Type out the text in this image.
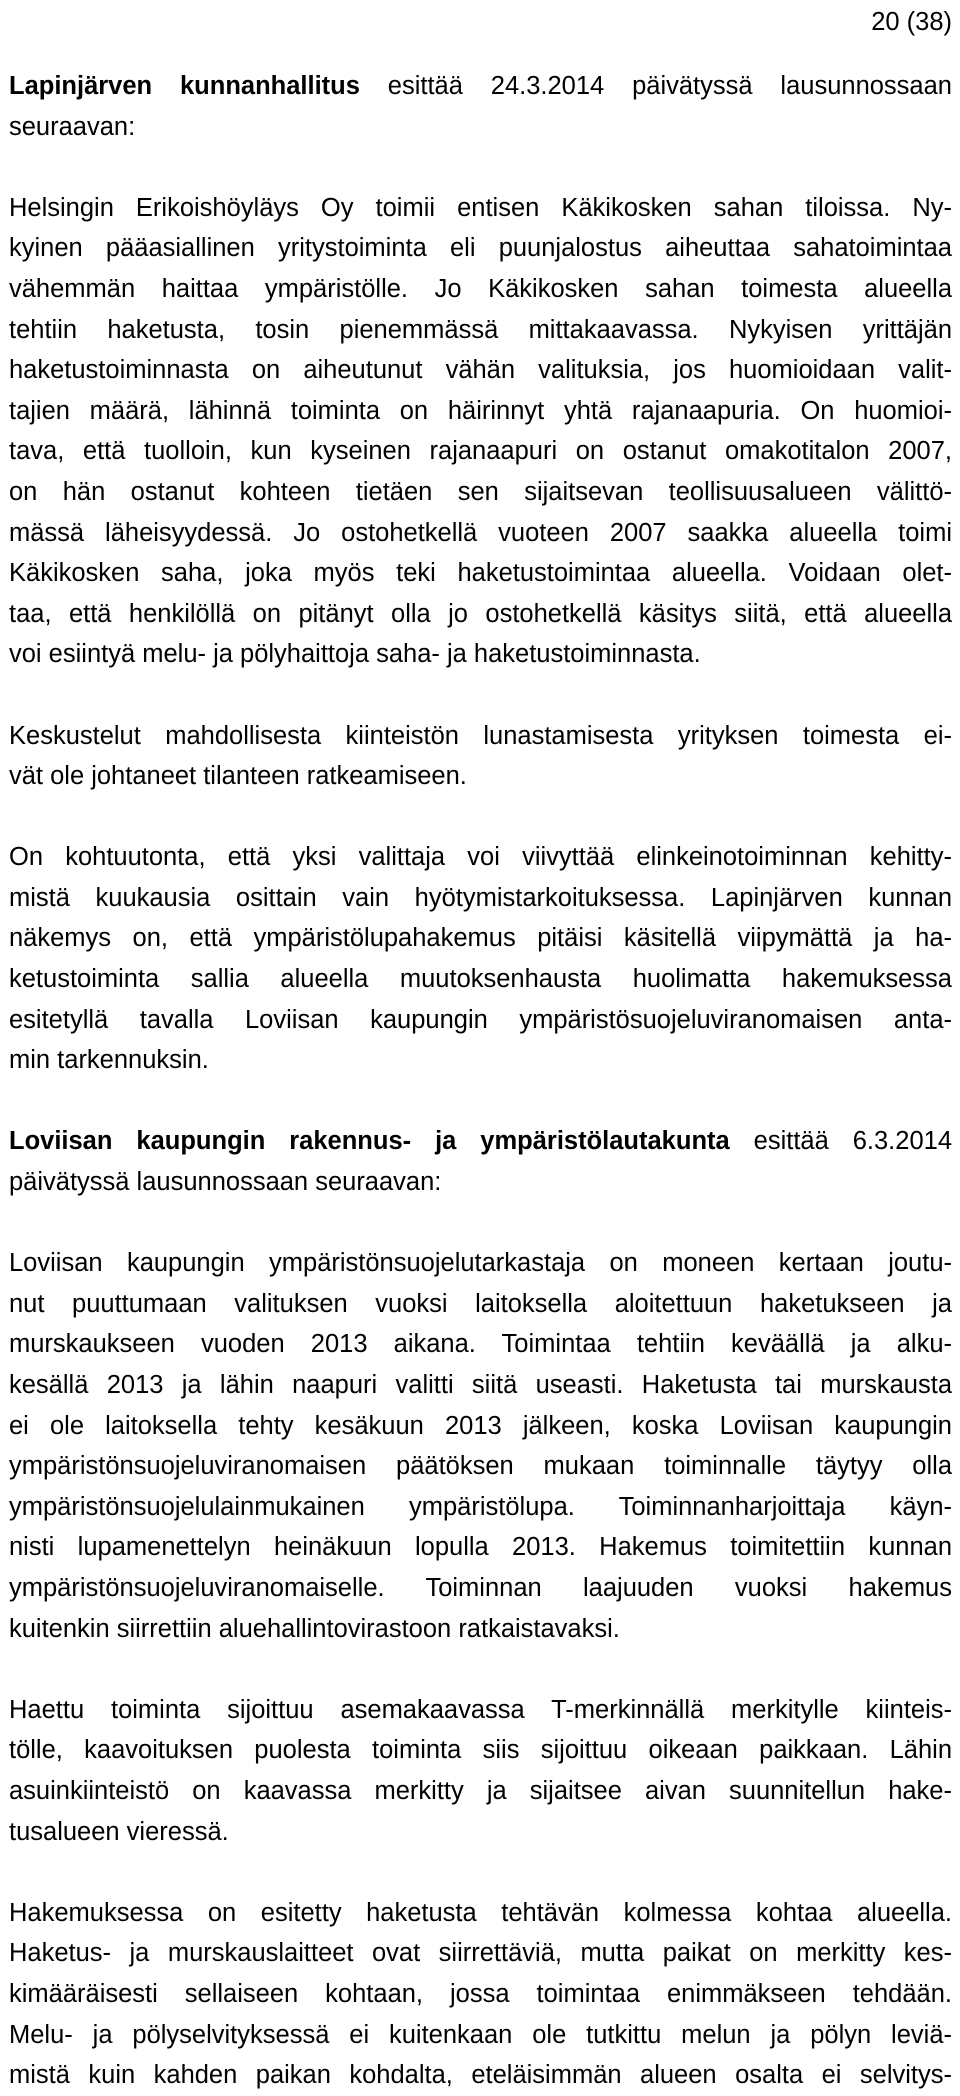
20 (38)

Lapinjärven kunnanhallitus esittää 24.3.2014 päivätyssä lausunnossaan
seuraavan:

Helsingin Erikoishöyläys Oy toimii entisen Käkikosken sahan tiloissa. Ny-
kyinen pääasiallinen yritystoiminta eli puunjalostus aiheuttaa sahatoimintaa
vähemmän haittaa ympäristölle. Jo Käkikosken sahan toimesta alueella
tehtiin haketusta, tosin pienemmässä mittakaavassa. Nykyisen yrittäjän
haketustoiminnasta on aiheutunut vähän valituksia, jos huomioidaan valit-
tajien määrä, lähinnä toiminta on häirinnyt yhtä rajanaapuria. On huomioi-
tava, että tuolloin, kun kyseinen rajanaapuri on ostanut omakotitalon 2007,
on hän ostanut kohteen tietäen sen sijaitsevan teollisuusalueen välittö-
mässä läheisyydessä. Jo ostohetkellä vuoteen 2007 saakka alueella toimi
Käkikosken saha, joka myös teki haketustoimintaa alueella. Voidaan olet-
taa, että henkilöllä on pitänyt olla jo ostohetkellä käsitys siitä, että alueella
voi esiintyä melu- ja pölyhaittoja saha- ja haketustoiminnasta.

Keskustelut mahdollisesta kiinteistön lunastamisesta yrityksen toimesta ei-
vät ole johtaneet tilanteen ratkeamiseen.

On kohtuutonta, että yksi valittaja voi viivyttää elinkeinotoiminnan kehitty-
mistä kuukausia osittain vain hyötymistarkoituksessa. Lapinjärven kunnan
näkemys on, että ympäristölupahakemus pitäisi käsitellä viipymättä ja ha-
ketustoiminta sallia alueella muutoksenhausta huolimatta hakemuksessa
esitetyllä tavalla Loviisan kaupungin ympäristösuojeluviranomaisen anta-
min tarkennuksin.

Loviisan kaupungin rakennus- ja ympäristölautakunta esittää 6.3.2014
päivätyssä lausunnossaan seuraavan:

Loviisan kaupungin ympäristönsuojelutarkastaja on moneen kertaan joutu-
nut puuttumaan valituksen vuoksi laitoksella aloitettuun haketukseen ja
murskaukseen vuoden 2013 aikana. Toimintaa tehtiin keväällä ja alku-
kesällä 2013 ja lähin naapuri valitti siitä useasti. Haketusta tai murskausta
ei ole laitoksella tehty kesäkuun 2013 jälkeen, koska Loviisan kaupungin
ympäristönsuojeluviranomaisen päätöksen mukaan toiminnalle täytyy olla
ympäristönsuojelulainmukainen ympäristölupa. Toiminnanharjoittaja käyn-
nisti lupamenettelyn heinäkuun lopulla 2013. Hakemus toimitettiin kunnan
ympäristönsuojeluviranomaiselle. Toiminnan laajuuden vuoksi hakemus
kuitenkin siirrettiin aluehallintovirastoon ratkaistavaksi.

Haettu toiminta sijoittuu asemakaavassa T-merkinnällä merkitylle kiinteis-
tölle, kaavoituksen puolesta toiminta siis sijoittuu oikeaan paikkaan. Lähin
asuinkiinteistö on kaavassa merkitty ja sijaitsee aivan suunnitellun hake-
tusalueen vieressä.

Hakemuksessa on esitetty haketusta tehtävän kolmessa kohtaa alueella.
Haketus- ja murskauslaitteet ovat siirrettäviä, mutta paikat on merkitty kes-
kimääräisesti sellaiseen kohtaan, jossa toimintaa enimmäkseen tehdään.
Melu- ja pölyselvityksessä ei kuitenkaan ole tutkittu melun ja pölyn leviä-
mistä kuin kahden paikan kohdalta, eteläisimmän alueen osalta ei selvitys-
